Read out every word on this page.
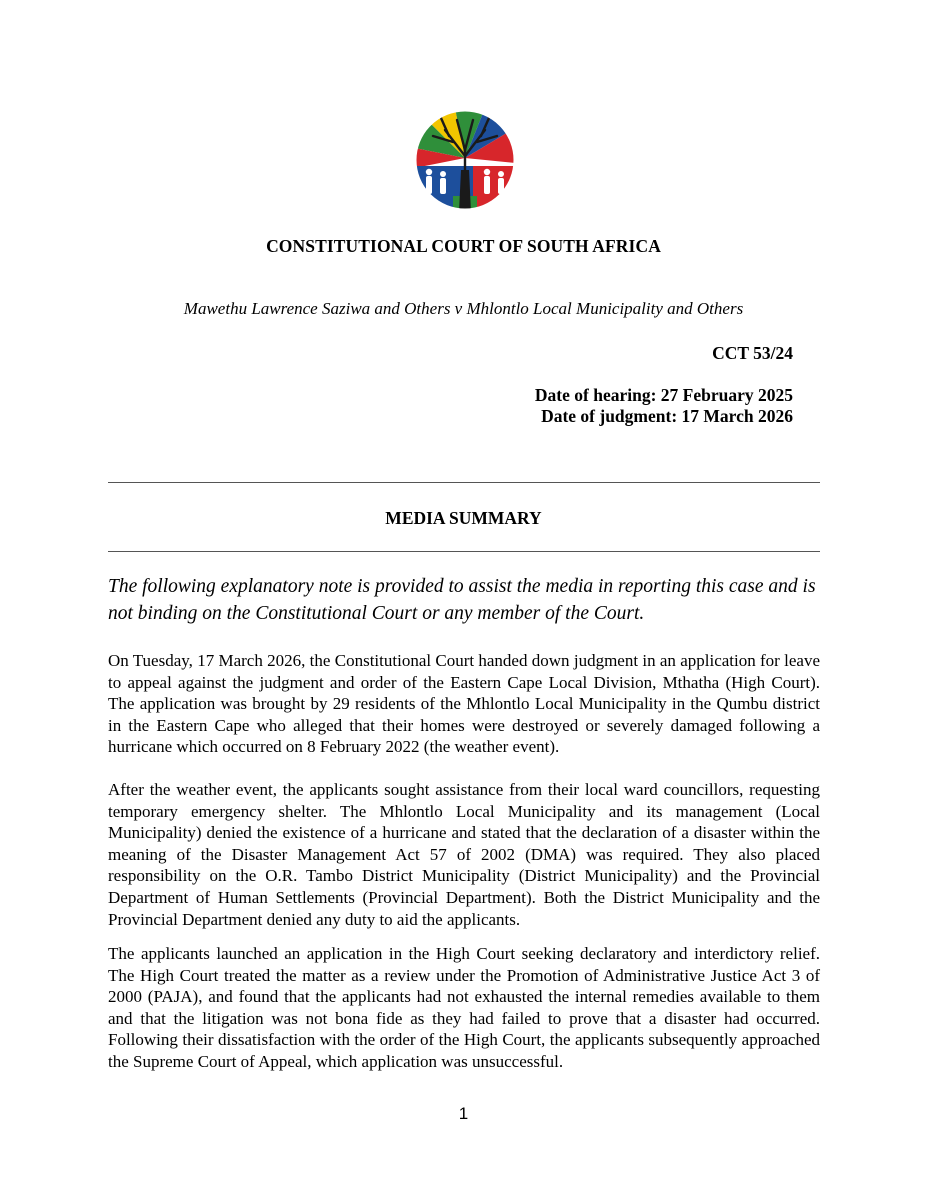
CONSTITUTIONAL COURT OF SOUTH AFRICA
Mawethu Lawrence Saziwa and Others v Mhlontlo Local Municipality and Others
CCT 53/24
Date of hearing: 27 February 2025
Date of judgment: 17 March 2026
MEDIA SUMMARY
The following explanatory note is provided to assist the media in reporting this case and is not binding on the Constitutional Court or any member of the Court.

On Tuesday, 17 March 2026, the Constitutional Court handed down judgment in an application for leave to appeal against the judgment and order of the Eastern Cape Local Division, Mthatha (High Court). The application was brought by 29 residents of the Mhlontlo Local Municipality in the Qumbu district in the Eastern Cape who alleged that their homes were destroyed or severely damaged following a hurricane which occurred on 8 February 2022 (the weather event).

After the weather event, the applicants sought assistance from their local ward councillors, requesting temporary emergency shelter. The Mhlontlo Local Municipality and its management (Local Municipality) denied the existence of a hurricane and stated that the declaration of a disaster within the meaning of the Disaster Management Act 57 of 2002 (DMA) was required. They also placed responsibility on the O.R. Tambo District Municipality (District Municipality) and the Provincial Department of Human Settlements (Provincial Department). Both the District Municipality and the Provincial Department denied any duty to aid the applicants.

The applicants launched an application in the High Court seeking declaratory and interdictory relief. The High Court treated the matter as a review under the Promotion of Administrative Justice Act 3 of 2000 (PAJA), and found that the applicants had not exhausted the internal remedies available to them and that the litigation was not bona fide as they had failed to prove that a disaster had occurred. Following their dissatisfaction with the order of the High Court, the applicants subsequently approached the Supreme Court of Appeal, which application was unsuccessful.

1
